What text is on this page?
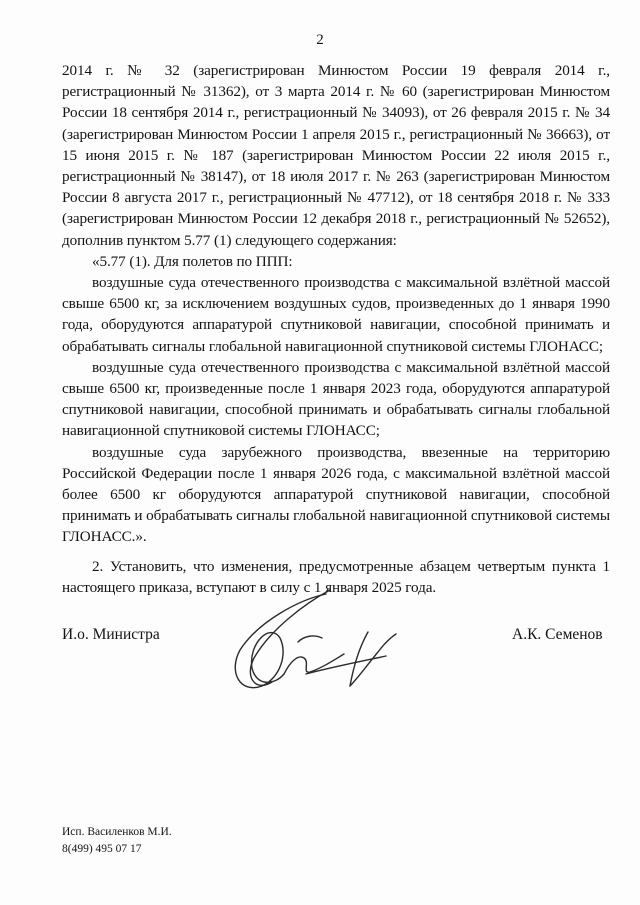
2

2014 г. № 32 (зарегистрирован Минюстом России 19 февраля 2014 г., регистрационный № 31362), от 3 марта 2014 г. № 60 (зарегистрирован Минюстом России 18 сентября 2014 г., регистрационный № 34093), от 26 февраля 2015 г. № 34 (зарегистрирован Минюстом России 1 апреля 2015 г., регистрационный № 36663), от 15 июня 2015 г. № 187 (зарегистрирован Минюстом России 22 июля 2015 г., регистрационный № 38147), от 18 июля 2017 г. № 263 (зарегистрирован Минюстом России 8 августа 2017 г., регистрационный № 47712), от 18 сентября 2018 г. № 333 (зарегистрирован Минюстом России 12 декабря 2018 г., регистрационный № 52652), дополнив пунктом 5.77 (1) следующего содержания:

«5.77 (1). Для полетов по ППП:

воздушные суда отечественного производства с максимальной взлётной массой свыше 6500 кг, за исключением воздушных судов, произведенных до 1 января 1990 года, оборудуются аппаратурой спутниковой навигации, способной принимать и обрабатывать сигналы глобальной навигационной спутниковой системы ГЛОНАСС;

воздушные суда отечественного производства с максимальной взлётной массой свыше 6500 кг, произведенные после 1 января 2023 года, оборудуются аппаратурой спутниковой навигации, способной принимать и обрабатывать сигналы глобальной навигационной спутниковой системы ГЛОНАСС;

воздушные суда зарубежного производства, ввезенные на территорию Российской Федерации после 1 января 2026 года, с максимальной взлётной массой более 6500 кг оборудуются аппаратурой спутниковой навигации, способной принимать и обрабатывать сигналы глобальной навигационной спутниковой системы ГЛОНАСС.».

2. Установить, что изменения, предусмотренные абзацем четвертым пункта 1 настоящего приказа, вступают в силу с 1 января 2025 года.

И.о. Министра	А.К. Семенов
Исп. Василенков М.И.
8(499) 495 07 17
